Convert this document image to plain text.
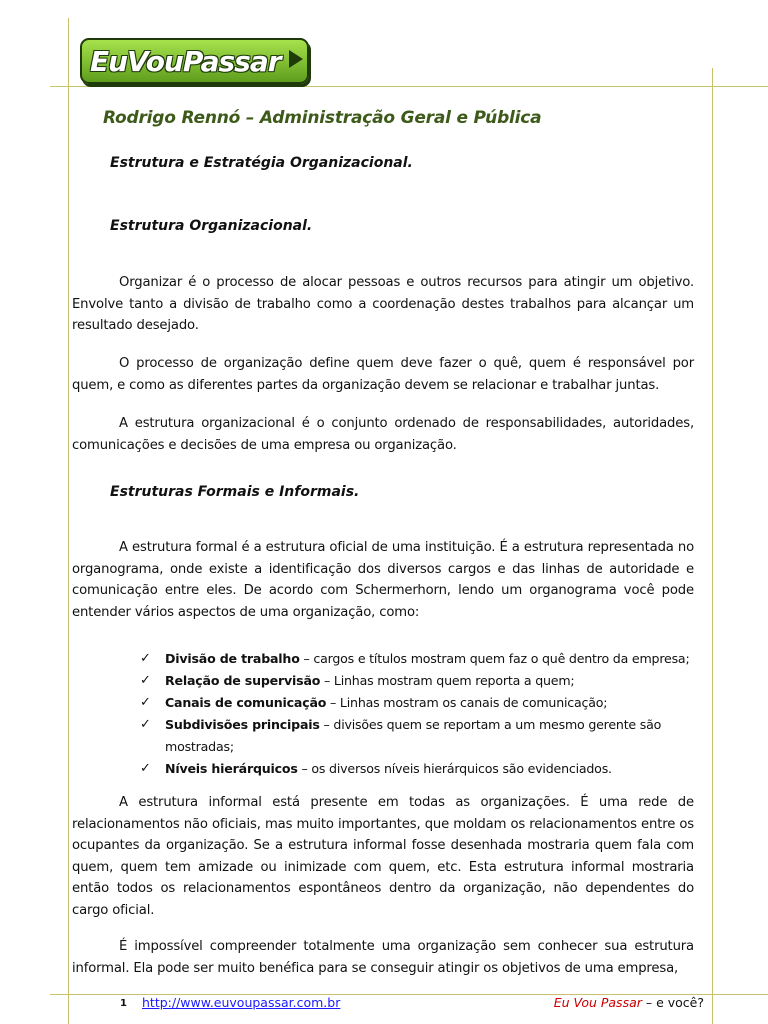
EuVouPassar
Rodrigo Rennó – Administração Geral e Pública
Estrutura e Estratégia Organizacional.
Estrutura Organizacional.

Organizar é o processo de alocar pessoas e outros recursos para atingir um objetivo. Envolve tanto a divisão de trabalho como a coordenação destes trabalhos para alcançar um resultado desejado.

O processo de organização define quem deve fazer o quê, quem é responsável por quem, e como as diferentes partes da organização devem se relacionar e trabalhar juntas.

A estrutura organizacional é o conjunto ordenado de responsabilidades, autoridades, comunicações e decisões de uma empresa ou organização.

Estruturas Formais e Informais.

A estrutura formal é a estrutura oficial de uma instituição. É a estrutura representada no organograma, onde existe a identificação dos diversos cargos e das linhas de autoridade e comunicação entre eles. De acordo com Schermerhorn, lendo um organograma você pode entender vários aspectos de uma organização, como:

✓ Divisão de trabalho – cargos e títulos mostram quem faz o quê dentro da empresa;
✓ Relação de supervisão – Linhas mostram quem reporta a quem;
✓ Canais de comunicação – Linhas mostram os canais de comunicação;
✓ Subdivisões principais – divisões quem se reportam a um mesmo gerente são mostradas;
✓ Níveis hierárquicos – os diversos níveis hierárquicos são evidenciados.

A estrutura informal está presente em todas as organizações. É uma rede de relacionamentos não oficiais, mas muito importantes, que moldam os relacionamentos entre os ocupantes da organização. Se a estrutura informal fosse desenhada mostraria quem fala com quem, quem tem amizade ou inimizade com quem, etc. Esta estrutura informal mostraria então todos os relacionamentos espontâneos dentro da organização, não dependentes do cargo oficial.

É impossível compreender totalmente uma organização sem conhecer sua estrutura informal. Ela pode ser muito benéfica para se conseguir atingir os objetivos de uma empresa,

1 http://www.euvoupassar.com.br	Eu Vou Passar – e você?
